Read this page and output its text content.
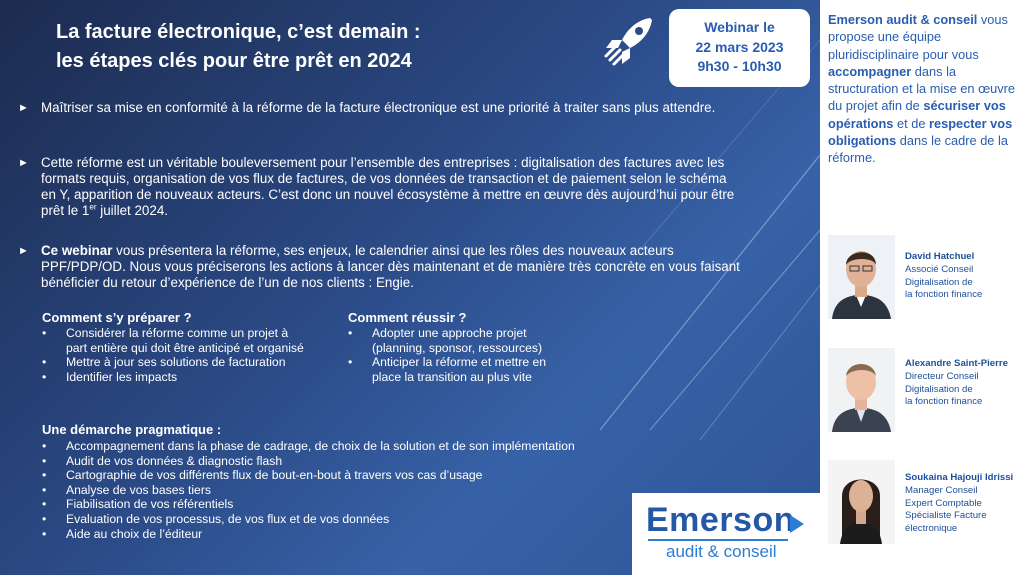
La facture électronique, c’est demain :
les étapes clés pour être prêt en 2024
Webinar le
22 mars 2023
9h30 - 10h30
► Maîtriser sa mise en conformité à la réforme de la facture électronique est une priorité à traiter sans plus attendre.
► Cette réforme est un véritable bouleversement pour l’ensemble des entreprises : digitalisation des factures avec les formats requis, organisation de vos flux de factures, de vos données de transaction et de paiement selon le schéma en Y, apparition de nouveaux acteurs. C’est donc un nouvel écosystème à mettre en œuvre dès aujourd’hui pour être prêt le 1er juillet 2024.
► Ce webinar vous présentera la réforme, ses enjeux, le calendrier ainsi que les rôles des nouveaux acteurs PPF/PDP/OD. Nous vous préciserons les actions à lancer dès maintenant et de manière très concrète en vous faisant bénéficier du retour d’expérience de l’un de nos clients : Engie.
Comment s’y préparer ?
• Considérer la réforme comme un projet à part entière qui doit être anticipé et organisé
• Mettre à jour ses solutions de facturation
• Identifier les impacts
Comment réussir ?
• Adopter une approche projet (planning, sponsor, ressources)
• Anticiper la réforme et mettre en place la transition au plus vite
Une démarche pragmatique :
• Accompagnement dans la phase de cadrage, de choix de la solution et de son implémentation
• Audit de vos données & diagnostic flash
• Cartographie de vos différents flux de bout-en-bout à travers vos cas d’usage
• Analyse de vos bases tiers
• Fiabilisation de vos référentiels
• Evaluation de vos processus, de vos flux et de vos données
• Aide au choix de l’éditeur
Emerson audit & conseil vous propose une équipe pluridisciplinaire pour vous accompagner dans la structuration et la mise en œuvre du projet afin de sécuriser vos opérations et de respecter vos obligations dans le cadre de la réforme.
David Hatchuel
Associé Conseil
Digitalisation de
la fonction finance
Alexandre Saint-Pierre
Directeur Conseil
Digitalisation de
la fonction finance
Soukaina Hajouji Idrissi
Manager Conseil
Expert Comptable
Spécialiste Facture
électronique
Emerson
audit & conseil
